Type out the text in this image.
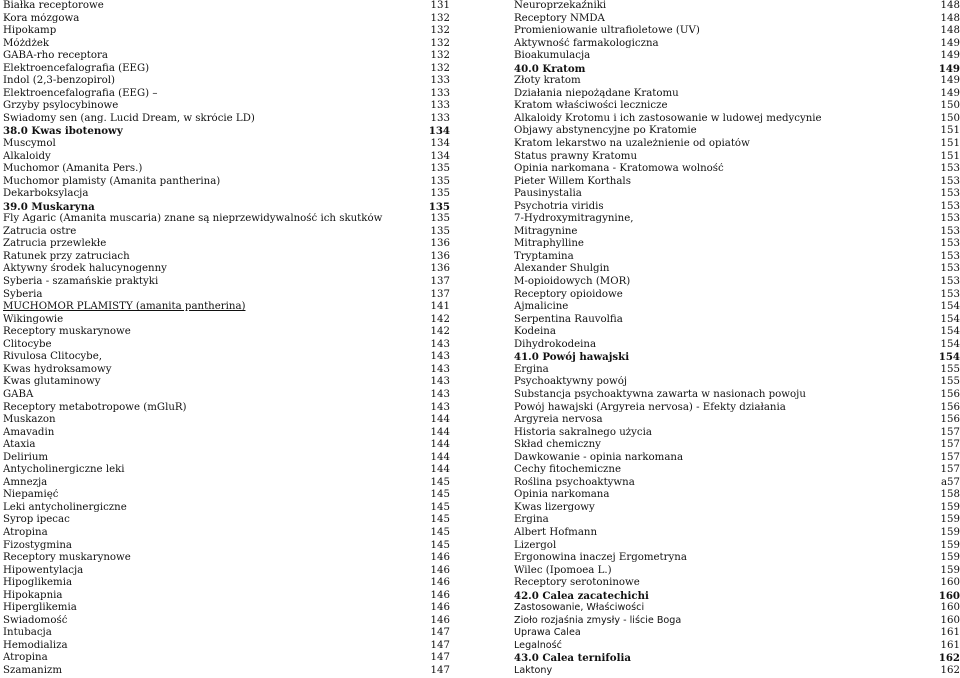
Białka receptorowe	131
Kora mózgowa	132
Hipokamp	132
Móżdżek	132
GABA-rho receptora	132
Elektroencefalografia (EEG)	132
Indol (2,3-benzopirol)	133
Elektroencefalografia (EEG) –	133
Grzyby psylocybinowe	133
Świadomy sen (ang. Lucid Dream, w skrócie LD)	133
38.0 Kwas ibotenowy	134
Muscymol	134
Alkaloidy	134
Muchomor (Amanita Pers.)	135
Muchomor plamisty (Amanita pantherina)	135
Dekarboksylacja	135
39.0 Muskaryna	135
Fly Agaric (Amanita muscaria) znane są nieprzewidywalność ich skutków	135
Zatrucia ostre	135
Zatrucia przewlekłe	136
Ratunek przy zatruciach	136
Aktywny środek halucynogenny	136
Syberia - szamańskie praktyki	137
Syberia	137
MUCHOMOR PLAMISTY (amanita pantherina)	141
Wikingowie	142
Receptory muskarynowe	142
Clitocybe	143
Rivulosa Clitocybe,	143
Kwas hydroksamowy	143
Kwas glutaminowy	143
GABA	143
Receptory metabotropowe (mGluR)	143
Muskazon	144
Amavadin	144
Ataxia	144
Delirium	144
Antycholinergiczne leki	144
Amnezja	145
Niepamięć	145
Leki antycholinergiczne	145
Syrop ipecac	145
Atropina	145
Fizostygmina	145
Receptory muskarynowe	146
Hipowentylacja	146
Hipoglikemia	146
Hipokapnia	146
Hiperglikemia	146
Świadomość	146
Intubacja	147
Hemodializa	147
Atropina	147
Szamanizm	147
Neuroprzekaźniki	148
Receptory NMDA	148
Promieniowanie ultrafioletowe (UV)	148
Aktywność farmakologiczna	149
Bioakumulacja	149
40.0 Kratom	149
Złoty kratom	149
Działania niepożądane Kratomu	149
Kratom właściwości lecznicze	150
Alkaloidy Krotomu i ich zastosowanie w ludowej medycynie	150
Objawy abstynencyjne po Kratomie	151
Kratom lekarstwo na uzależnienie od opiatów	151
Status prawny Kratomu	151
Opinia narkomana - Kratomowa wolność	153
Pieter Willem Korthals	153
Pausinystalia	153
Psychotria viridis	153
7-Hydroxymitragynine,	153
Mitragynine	153
Mitraphylline	153
Tryptamina	153
Alexander Shulgin	153
M-opioidowych (MOR)	153
Receptory opioidowe	153
Ajmalicine	154
Serpentina Rauvolfia	154
Kodeina	154
Dihydrokodeina	154
41.0 Powój hawajski	154
Ergina	155
Psychoaktywny powój	155
Substancja psychoaktywna zawarta w nasionach powoju	156
Powój hawajski (Argyreia nervosa) - Efekty działania	156
Argyreia nervosa	156
Historia sakralnego użycia	157
Skład chemiczny	157
Dawkowanie - opinia narkomana	157
Cechy fitochemiczne	157
Roślina psychoaktywna	a57
Opinia narkomana	158
Kwas lizergowy	159
Ergina	159
Albert Hofmann	159
Lizergol	159
Ergonowina inaczej Ergometryna	159
Wilec (Ipomoea L.)	159
Receptory serotoninowe	160
42.0 Calea zacatechichi	160
Zastosowanie, Właściwości	160
Zioło rozjaśnia zmysły - liście Boga	160
Uprawa Calea	161
Legalność	161
43.0 Calea ternifolia	162
Laktony	162
